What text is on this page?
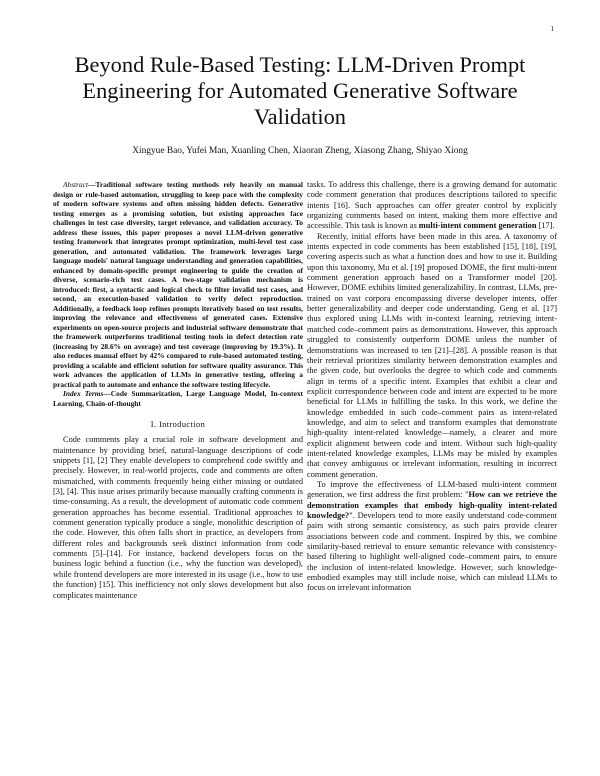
1
Beyond Rule-Based Testing: LLM-Driven Prompt Engineering for Automated Generative Software Validation
Xingyue Bao, Yufei Man, Xuanling Chen, Xiaoran Zheng, Xiasong Zhang, Shiyao Xiong

Abstract—Traditional software testing methods rely heavily on manual design or rule-based automation, struggling to keep pace with the complexity of modern software systems and often missing hidden defects. Generative testing emerges as a promising solution, but existing approaches face challenges in test case diversity, target relevance, and validation accuracy. To address these issues, this paper proposes a novel LLM-driven generative testing framework that integrates prompt optimization, multi-level test case generation, and automated validation. The framework leverages large language models' natural language understanding and generation capabilities, enhanced by domain-specific prompt engineering to guide the creation of diverse, scenario-rich test cases. A two-stage validation mechanism is introduced: first, a syntactic and logical check to filter invalid test cases, and second, an execution-based validation to verify defect reproduction. Additionally, a feedback loop refines prompts iteratively based on test results, improving the relevance and effectiveness of generated cases. Extensive experiments on open-source projects and industrial software demonstrate that the framework outperforms traditional testing tools in defect detection rate (increasing by 28.6% on average) and test coverage (improving by 19.3%). It also reduces manual effort by 42% compared to rule-based automated testing, providing a scalable and efficient solution for software quality assurance. This work advances the application of LLMs in generative testing, offering a practical path to automate and enhance the software testing lifecycle.

Index Terms—Code Summarization, Large Language Model, In-context Learning, Chain-of-thought

I. Introduction

Code comments play a crucial role in software development and maintenance by providing brief, natural-language descriptions of code snippets [1], [2] They enable developers to comprehend code swiftly and precisely. However, in real-world projects, code and comments are often mismatched, with comments frequently being either missing or outdated [3], [4]. This issue arises primarily because manually crafting comments is time-consuming. As a result, the development of automatic code comment generation approaches has become essential. Traditional approaches to comment generation typically produce a single, monolithic description of the code. However, this often falls short in practice, as developers from different roles and backgrounds seek distinct information from code comments [5]–[14]. For instance, backend developers focus on the business logic behind a function (i.e., why the function was developed), while frontend developers are more interested in its usage (i.e., how to use the function) [15]. This inefficiency not only slows development but also complicates maintenance

tasks. To address this challenge, there is a growing demand for automatic code comment generation that produces descriptions tailored to specific intents [16]. Such approaches can offer greater control by explicitly organizing comments based on intent, making them more effective and accessible. This task is known as multi-intent comment generation [17].

Recently, initial efforts have been made in this area. A taxonomy of intents expected in code comments has been established [15], [18], [19], covering aspects such as what a function does and how to use it. Building upon this taxonomy, Mu et al. [19] proposed DOME, the first multi-intent comment generation approach based on a Transformer model [20]. However, DOME exhibits limited generalizability. In contrast, LLMs, pre-trained on vast corpora encompassing diverse developer intents, offer better generalizability and deeper code understanding. Geng et al. [17] thus explored using LLMs with in-context learning, retrieving intent-matched code–comment pairs as demonstrations. However, this approach struggled to consistently outperform DOME unless the number of demonstrations was increased to ten [21]–[28]. A possible reason is that their retrieval prioritizes similarity between demonstration examples and the given code, but overlooks the degree to which code and comments align in terms of a specific intent. Examples that exhibit a clear and explicit correspondence between code and intent are expected to be more beneficial for LLMs in fulfilling the tasks. In this work, we define the knowledge embedded in such code–comment pairs as intent-related knowledge, and aim to select and transform examples that demonstrate high-quality intent-related knowledge—namely, a clearer and more explicit alignment between code and intent. Without such high-quality intent-related knowledge examples, LLMs may be misled by examples that convey ambiguous or irrelevant information, resulting in incorrect comment generation.

To improve the effectiveness of LLM-based multi-intent comment generation, we first address the first problem: "How can we retrieve the demonstration examples that embody high-quality intent-related knowledge?". Developers tend to more easily understand code-comment pairs with strong semantic consistency, as such pairs provide clearer associations between code and comment. Inspired by this, we combine similarity-based retrieval to ensure semantic relevance with consistency-based filtering to highlight well-aligned code–comment pairs, to ensure the inclusion of intent-related knowledge. However, such knowledge-embodied examples may still include noise, which can mislead LLMs to focus on irrelevant information
